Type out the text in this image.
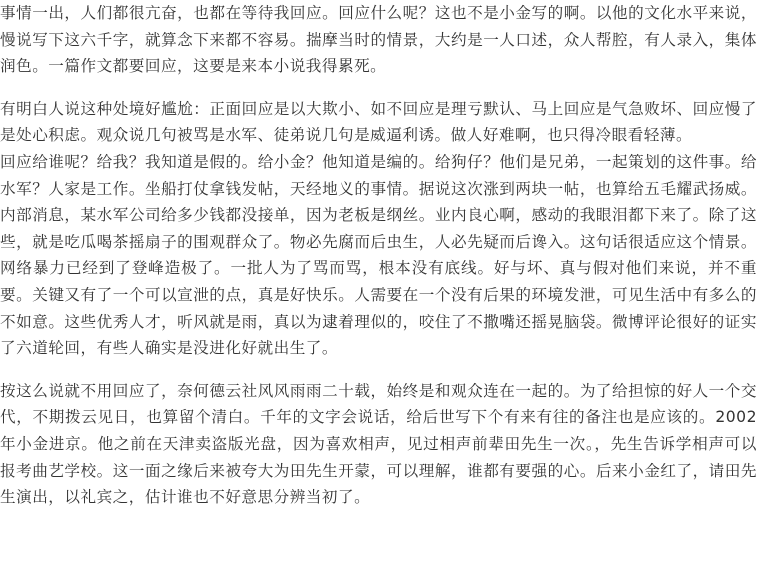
事情一出，人们都很亢奋，也都在等待我回应。回应什么呢？这也不是小金写的啊。以他的文化水平来说，慢说写下这六千字，就算念下来都不容易。揣摩当时的情景，大约是一人口述，众人帮腔，有人录入，集体润色。一篇作文都要回应，这要是来本小说我得累死。

有明白人说这种处境好尴尬：正面回应是以大欺小、如不回应是理亏默认、马上回应是气急败坏、回应慢了是处心积虑。观众说几句被骂是水军、徒弟说几句是威逼利诱。做人好难啊，也只得冷眼看轻薄。

回应给谁呢？给我？我知道是假的。给小金？他知道是编的。给狗仔？他们是兄弟，一起策划的这件事。给水军？人家是工作。坐船打仗拿钱发帖，天经地义的事情。据说这次涨到两块一帖，也算给五毛耀武扬威。内部消息，某水军公司给多少钱都没接单，因为老板是纲丝。业内良心啊，感动的我眼泪都下来了。除了这些，就是吃瓜喝茶摇扇子的围观群众了。物必先腐而后虫生，人必先疑而后谗入。这句话很适应这个情景。网络暴力已经到了登峰造极了。一批人为了骂而骂，根本没有底线。好与坏、真与假对他们来说，并不重要。关键又有了一个可以宣泄的点，真是好快乐。人需要在一个没有后果的环境发泄，可见生活中有多么的不如意。这些优秀人才，听风就是雨，真以为逮着理似的，咬住了不撒嘴还摇晃脑袋。微博评论很好的证实了六道轮回，有些人确实是没进化好就出生了。

按这么说就不用回应了，奈何德云社风风雨雨二十载，始终是和观众连在一起的。为了给担惊的好人一个交代，不期拨云见日，也算留个清白。千年的文字会说话，给后世写下个有来有往的备注也是应该的。2002年小金进京。他之前在天津卖盗版光盘，因为喜欢相声，见过相声前辈田先生一次。，先生告诉学相声可以报考曲艺学校。这一面之缘后来被夸大为田先生开蒙，可以理解，谁都有要强的心。后来小金红了，请田先生演出，以礼宾之，估计谁也不好意思分辨当初了。
